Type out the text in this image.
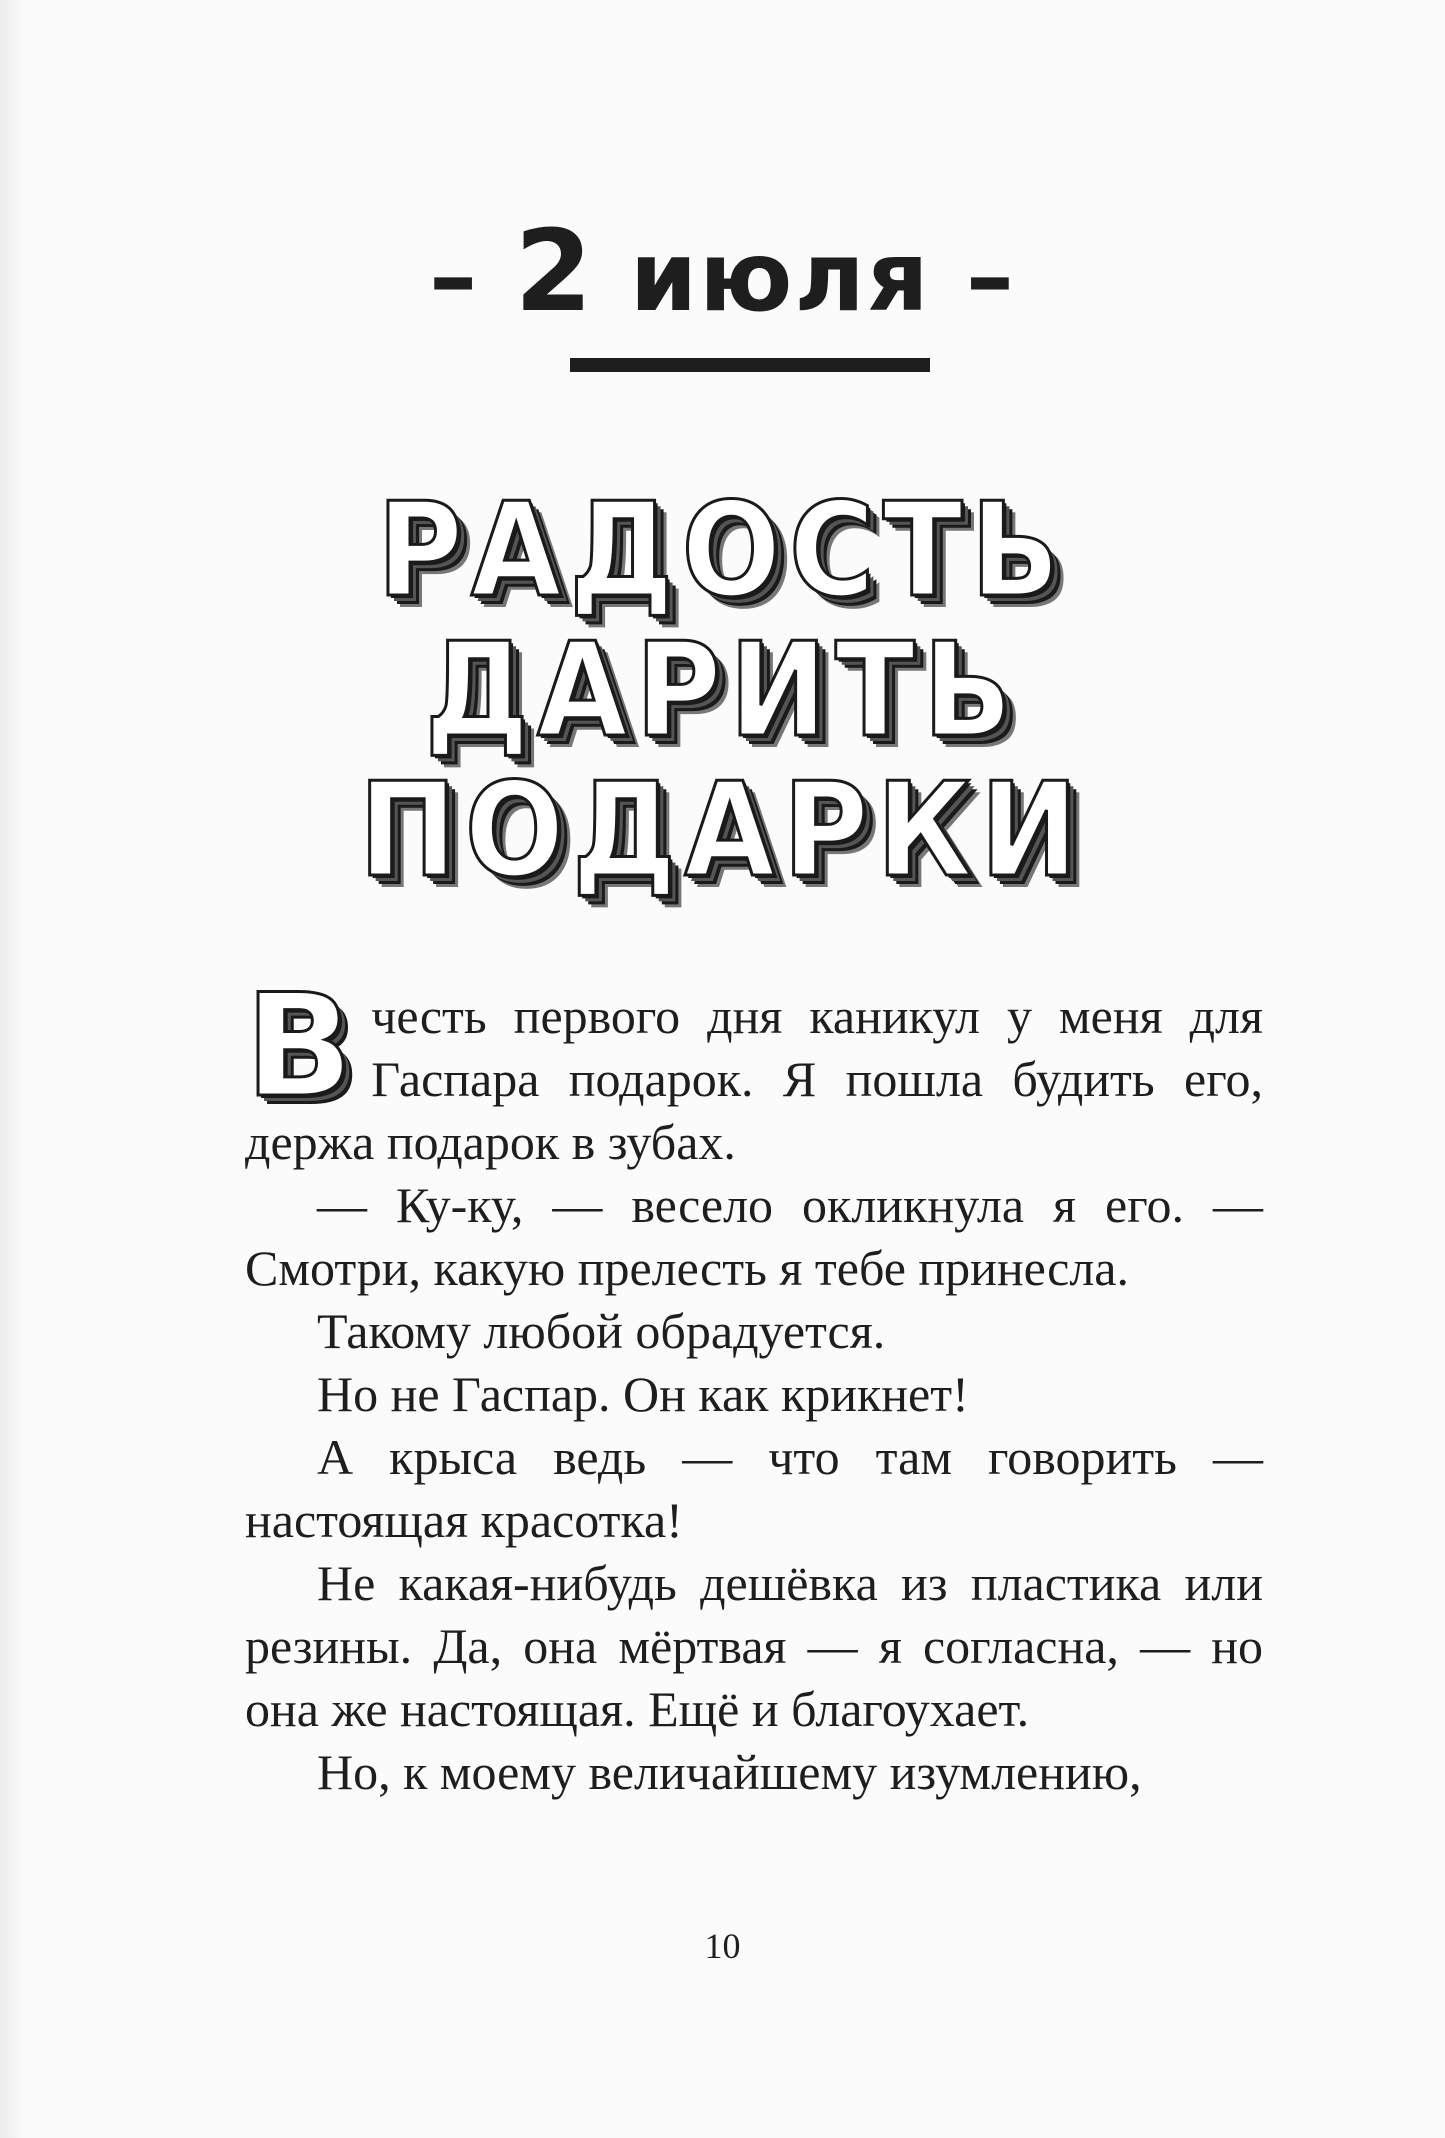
– 2 июля –
РАДОСТЬ
ДАРИТЬ
ПОДАРКИ

В честь первого дня каникул у меня для Гаспара подарок. Я пошла будить его, держа подарок в зубах.

— Ку-ку, — весело окликнула я его. — Смотри, какую прелесть я тебе принесла.

Такому любой обрадуется.

Но не Гаспар. Он как крикнет!

А крыса ведь — что там говорить — настоящая красотка!

Не какая-нибудь дешёвка из пластика или резины. Да, она мёртвая — я согласна, — но она же настоящая. Ещё и благоухает.

Но, к моему величайшему изумлению,

10
